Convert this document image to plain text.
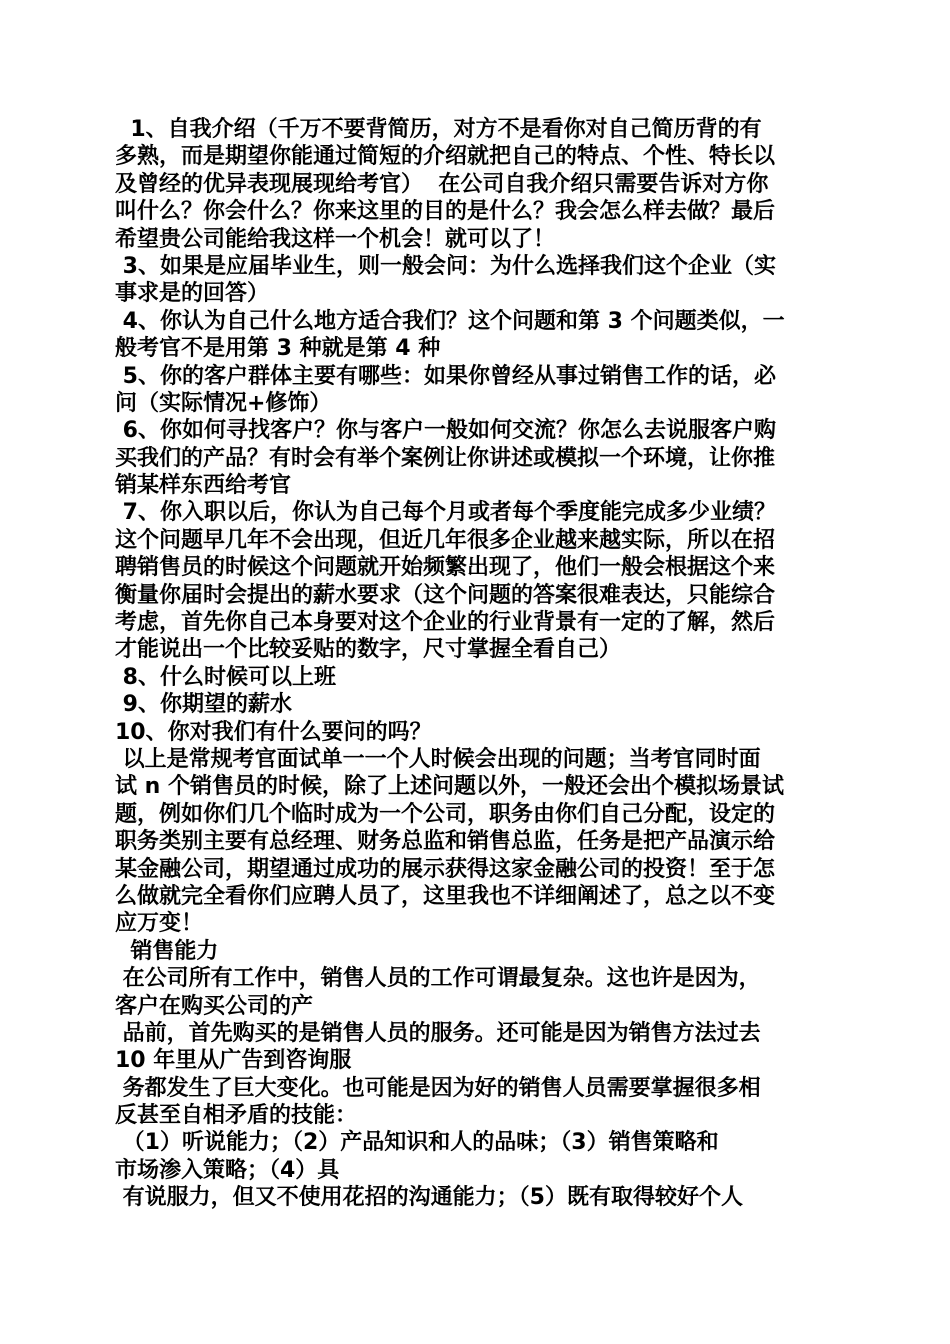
1、自我介绍（千万不要背简历，对方不是看你对自己简历背的有
多熟，而是期望你能通过简短的介绍就把自己的特点、个性、特长以
及曾经的优异表现展现给考官）  在公司自我介绍只需要告诉对方你
叫什么？你会什么？你来这里的目的是什么？我会怎么样去做？最后
希望贵公司能给我这样一个机会！就可以了！
3、如果是应届毕业生，则一般会问：为什么选择我们这个企业（实
事求是的回答）
4、你认为自己什么地方适合我们？这个问题和第 3 个问题类似，一
般考官不是用第 3 种就是第 4 种
5、你的客户群体主要有哪些：如果你曾经从事过销售工作的话，必
问（实际情况+修饰）
6、你如何寻找客户？你与客户一般如何交流？你怎么去说服客户购
买我们的产品？有时会有举个案例让你讲述或模拟一个环境，让你推
销某样东西给考官
7、你入职以后，你认为自己每个月或者每个季度能完成多少业绩？
这个问题早几年不会出现，但近几年很多企业越来越实际，所以在招
聘销售员的时候这个问题就开始频繁出现了，他们一般会根据这个来
衡量你届时会提出的薪水要求（这个问题的答案很难表达，只能综合
考虑，首先你自己本身要对这个企业的行业背景有一定的了解，然后
才能说出一个比较妥贴的数字，尺寸掌握全看自己）
8、什么时候可以上班
9、你期望的薪水
10、你对我们有什么要问的吗？
以上是常规考官面试单一一个人时候会出现的问题；当考官同时面
试 n 个销售员的时候，除了上述问题以外，一般还会出个模拟场景试
题，例如你们几个临时成为一个公司，职务由你们自己分配，设定的
职务类别主要有总经理、财务总监和销售总监，任务是把产品演示给
某金融公司，期望通过成功的展示获得这家金融公司的投资！至于怎
么做就完全看你们应聘人员了，这里我也不详细阐述了，总之以不变
应万变！
销售能力
在公司所有工作中，销售人员的工作可谓最复杂。这也许是因为，
客户在购买公司的产
品前，首先购买的是销售人员的服务。还可能是因为销售方法过去
10 年里从广告到咨询服
务都发生了巨大变化。也可能是因为好的销售人员需要掌握很多相
反甚至自相矛盾的技能：
（1）听说能力；（2）产品知识和人的品味；（3）销售策略和
市场渗入策略；（4）具
有说服力，但又不使用花招的沟通能力；（5）既有取得较好个人
